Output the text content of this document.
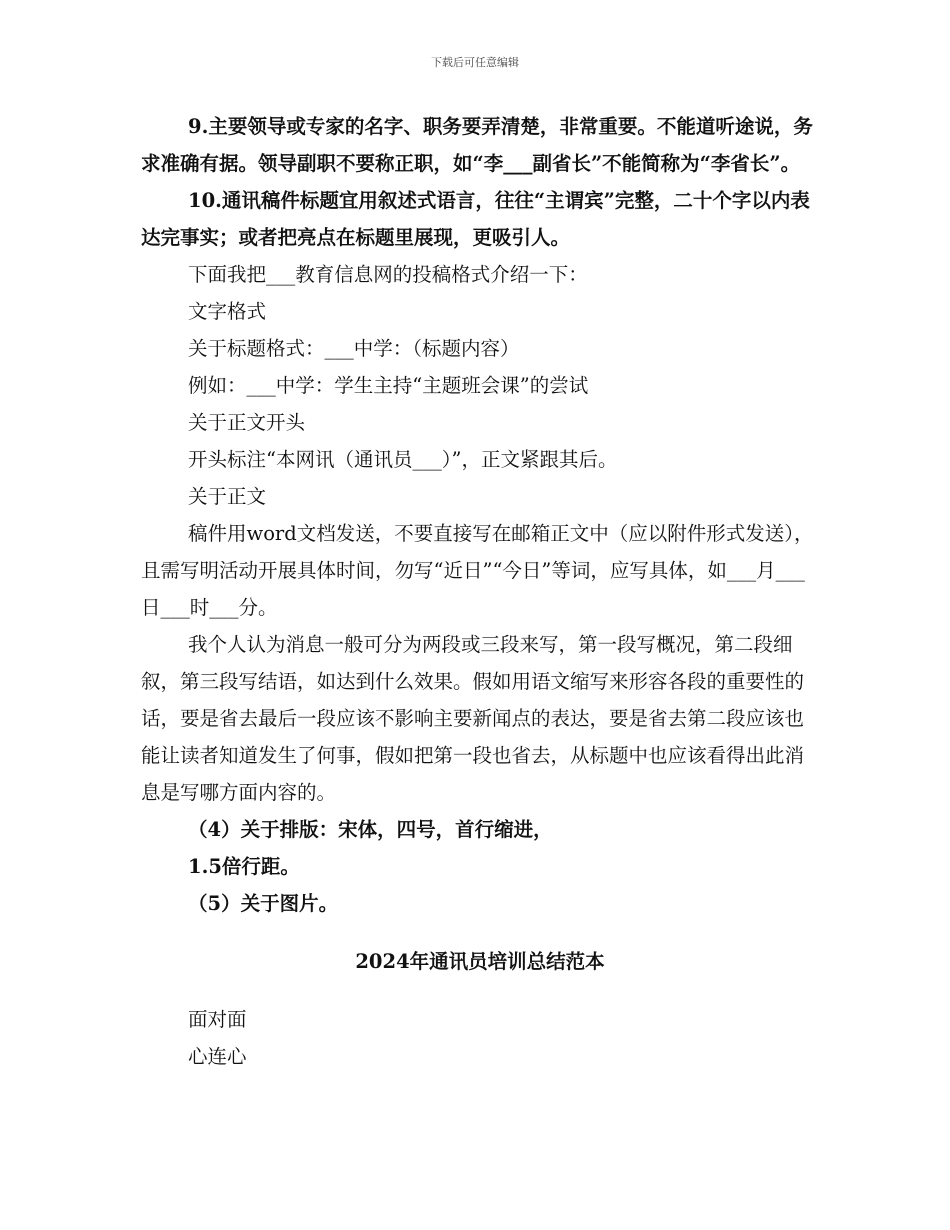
下载后可任意编辑

9.主要领导或专家的名字、职务要弄清楚，非常重要。不能道听途说，务求准确有据。领导副职不要称正职，如“李___副省长”不能简称为“李省长”。

10.通讯稿件标题宜用叙述式语言，往往“主谓宾”完整，二十个字以内表达完事实；或者把亮点在标题里展现，更吸引人。

下面我把___教育信息网的投稿格式介绍一下：

文字格式

关于标题格式：___中学：（标题内容）

例如：___中学：学生主持“主题班会课”的尝试

关于正文开头

开头标注“本网讯（通讯员___）”，正文紧跟其后。

关于正文

稿件用word文档发送，不要直接写在邮箱正文中（应以附件形式发送），且需写明活动开展具体时间，勿写“近日”“今日”等词，应写具体，如___月___日___时___分。

我个人认为消息一般可分为两段或三段来写，第一段写概况，第二段细叙，第三段写结语，如达到什么效果。假如用语文缩写来形容各段的重要性的话，要是省去最后一段应该不影响主要新闻点的表达，要是省去第二段应该也能让读者知道发生了何事，假如把第一段也省去，从标题中也应该看得出此消息是写哪方面内容的。

（4）关于排版：宋体，四号，首行缩进，

1.5倍行距。

（5）关于图片。

2024年通讯员培训总结范本

面对面

心连心
